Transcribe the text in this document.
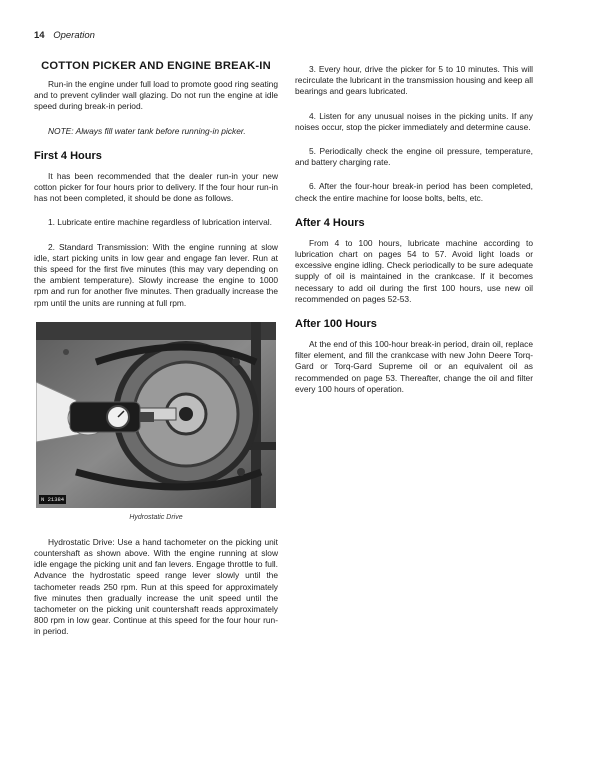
14 Operation
COTTON PICKER AND ENGINE BREAK-IN

Run-in the engine under full load to promote good ring seating and to prevent cylinder wall glazing. Do not run the engine at idle speed during break-in period.

NOTE: Always fill water tank before running-in picker.

First 4 Hours

It has been recommended that the dealer run-in your new cotton picker for four hours prior to delivery. If the four hour run-in has not been completed, it should be done as follows.

1. Lubricate entire machine regardless of lubrication interval.

2. Standard Transmission: With the engine running at slow idle, start picking units in low gear and engage fan lever. Run at this speed for the first five minutes (this may vary depending on the ambient temperature). Slowly increase the engine to 1000 rpm and run for another five minutes. Then gradually increase the rpm until the units are running at full rpm.

N 21384
Hydrostatic Drive

Hydrostatic Drive: Use a hand tachometer on the picking unit countershaft as shown above. With the engine running at slow idle engage the picking unit and fan levers. Engage throttle to full. Advance the hydrostatic speed range lever slowly until the tachometer reads 250 rpm. Run at this speed for approximately five minutes then gradually increase the unit speed until the tachometer on the picking unit countershaft reads approximately 800 rpm in low gear. Continue at this speed for the four hour run-in period.

3. Every hour, drive the picker for 5 to 10 minutes. This will recirculate the lubricant in the transmission housing and keep all bearings and gears lubricated.

4. Listen for any unusual noises in the picking units. If any noises occur, stop the picker immediately and determine cause.

5. Periodically check the engine oil pressure, temperature, and battery charging rate.

6. After the four-hour break-in period has been completed, check the entire machine for loose bolts, belts, etc.

After 4 Hours

From 4 to 100 hours, lubricate machine according to lubrication chart on pages 54 to 57. Avoid light loads or excessive engine idling. Check periodically to be sure adequate supply of oil is maintained in the crankcase. If it becomes necessary to add oil during the first 100 hours, use new oil recommended on pages 52-53.

After 100 Hours

At the end of this 100-hour break-in period, drain oil, replace filter element, and fill the crankcase with new John Deere Torq-Gard or Torq-Gard Supreme oil or an equivalent oil as recommended on page 53. Thereafter, change the oil and filter every 100 hours of operation.
